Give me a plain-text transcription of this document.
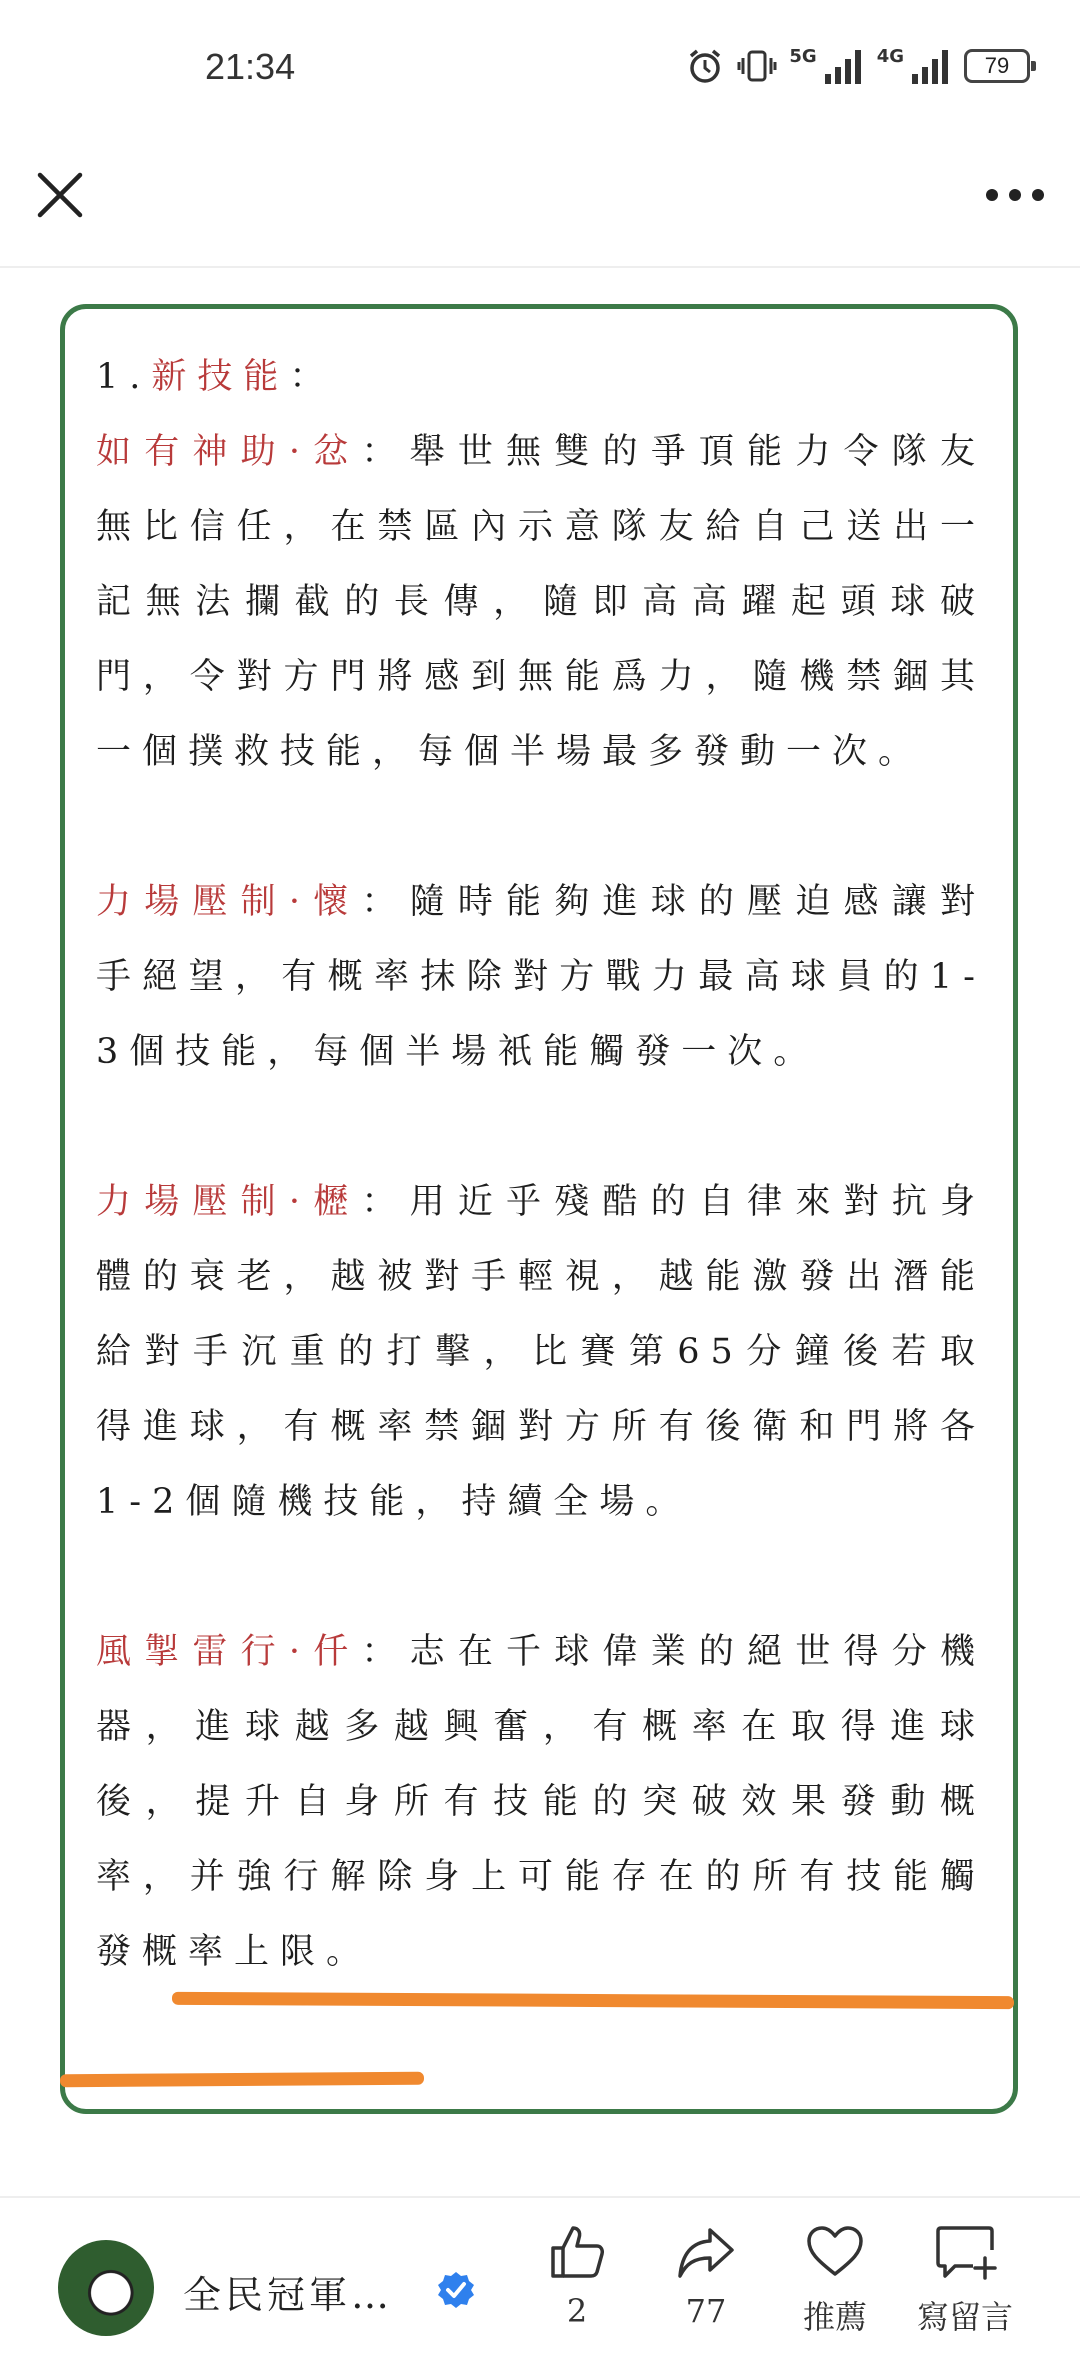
21:34	5G	4G	79

1.新技能：

如有神助·忿：舉世無雙的爭頂能力令隊友無比信任，在禁區內示意隊友給自己送出一記無法攔截的長傳，隨即高高躍起頭球破門，令對方門將感到無能爲力，隨機禁錮其一個撲救技能，每個半場最多發動一次。

力場壓制·懷：隨時能夠進球的壓迫感讓對手絕望，有概率抹除對方戰力最高球員的1-3個技能，每個半場衹能觸發一次。

力場壓制·櫪：用近乎殘酷的自律來對抗身體的衰老，越被對手輕視，越能激發出潛能給對手沉重的打擊，比賽第65分鐘後若取得進球，有概率禁錮對方所有後衛和門將各1-2個隨機技能，持續全場。

風掣雷行·仟：志在千球偉業的絕世得分機器，進球越多越興奮，有概率在取得進球後，提升自身所有技能的突破效果發動概率，并強行解除身上可能存在的所有技能觸發概率上限。

全民冠軍…	2	77 推薦 寫留言
